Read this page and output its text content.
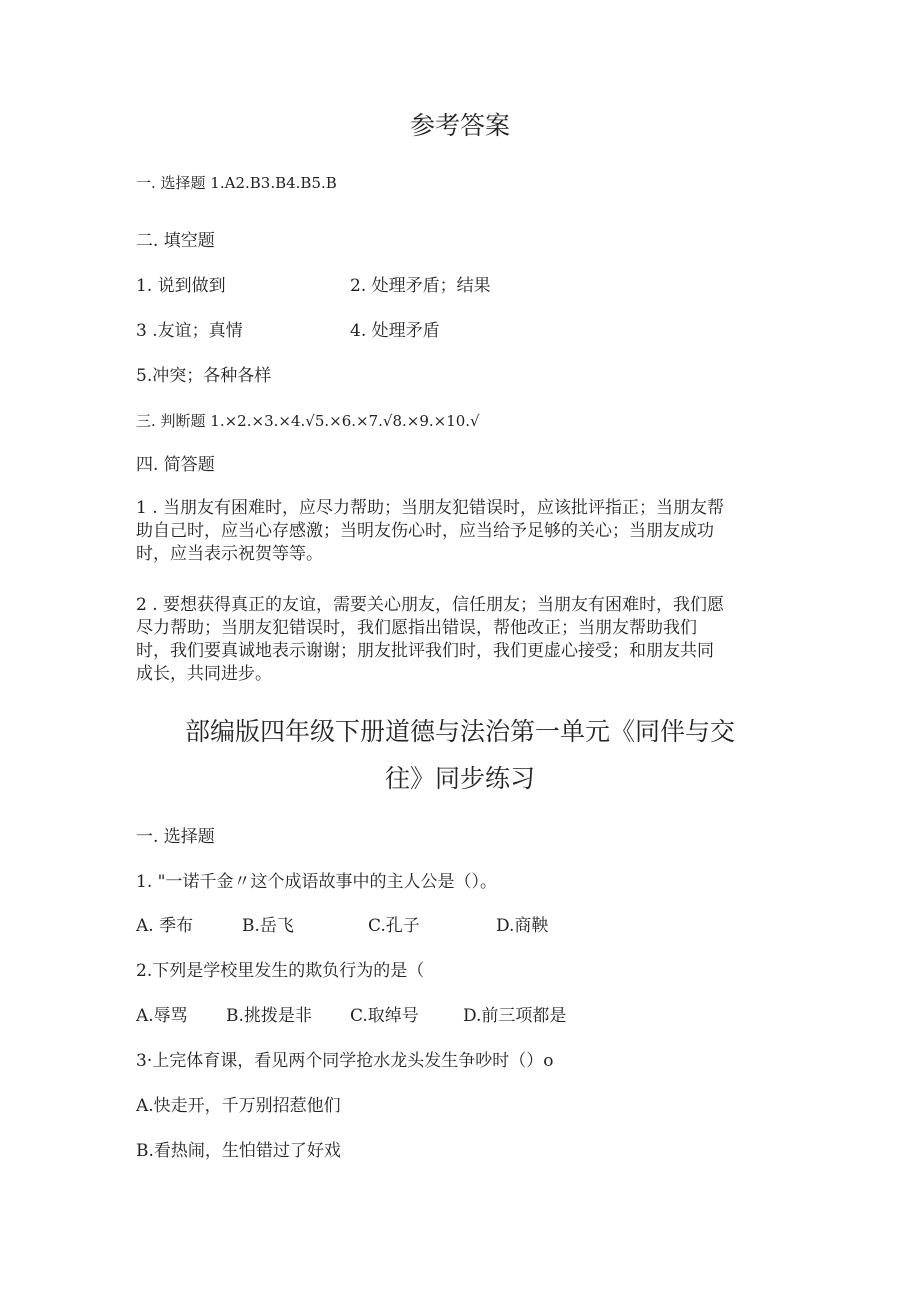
参考答案
一. 选择题 1.A2.B3.B4.B5.B
二. 填空题
1. 说到做到	2. 处理矛盾；结果
3 .友谊；真情	4. 处理矛盾
5.冲突；各种各样
三. 判断题 1.×2.×3.×4.√5.×6.×7.√8.×9.×10.√
四. 简答题
1 . 当朋友有困难时，应尽力帮助；当朋友犯错误时，应该批评指正；当朋友帮
助自己时，应当心存感激；当明友伤心时，应当给予足够的关心；当朋友成功
时，应当表示祝贺等等。
2 . 要想获得真正的友谊，需要关心朋友，信任朋友；当朋友有困难时，我们愿
尽力帮助；当朋友犯错误时，我们愿指出错误，帮他改正；当朋友帮助我们
时，我们要真诚地表示谢谢；朋友批评我们时，我们更虚心接受；和朋友共同
成长，共同进步。
部编版四年级下册道德与法治第一单元《同伴与交
往》同步练习
一. 选择题
1. "一诺千金〃这个成语故事中的主人公是（）。
A. 季布	B.岳飞	C.孔子	D.商鞅
2.下列是学校里发生的欺负行为的是（
A.辱骂 B.挑拨是非 C.取绰号	D.前三项都是
3·上完体育课，看见两个同学抢水龙头发生争吵时（）o
A.快走开，千万别招惹他们
B.看热闹，生怕错过了好戏
